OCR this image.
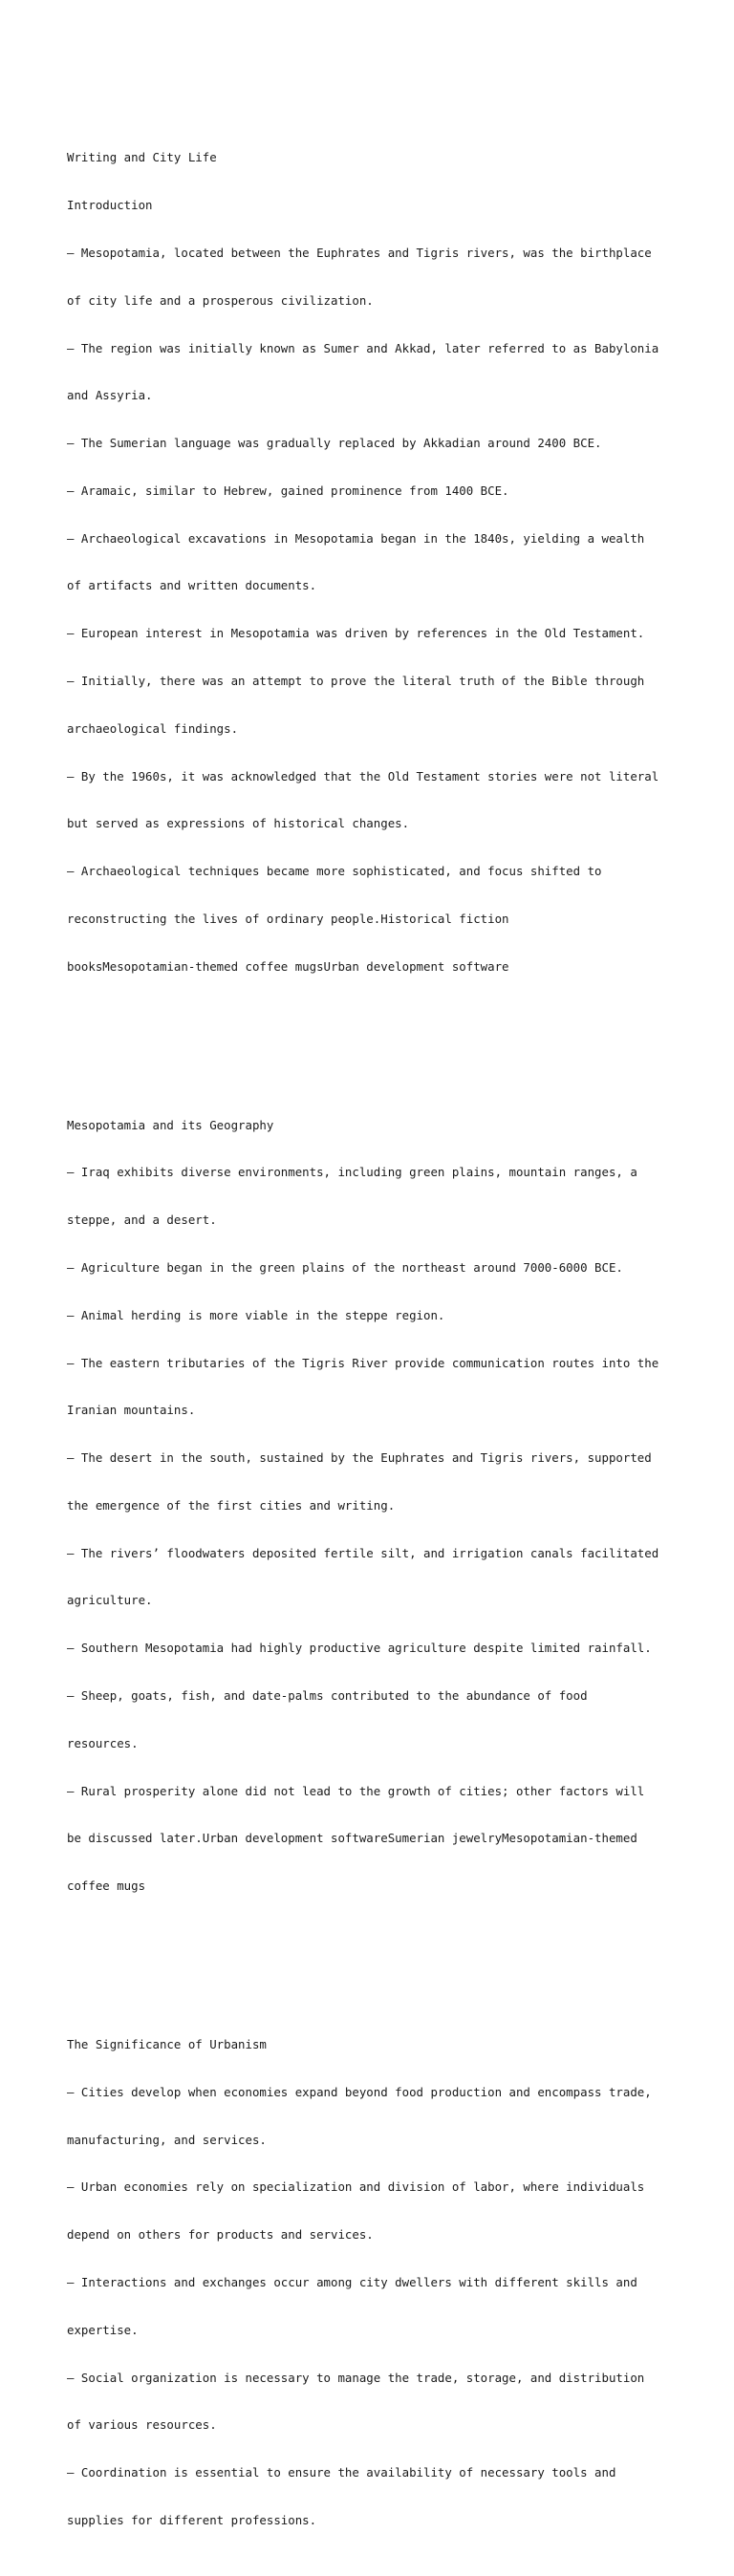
Writing and City Life

Introduction

– Mesopotamia, located between the Euphrates and Tigris rivers, was the birthplace

of city life and a prosperous civilization.

– The region was initially known as Sumer and Akkad, later referred to as Babylonia

and Assyria.

– The Sumerian language was gradually replaced by Akkadian around 2400 BCE.

– Aramaic, similar to Hebrew, gained prominence from 1400 BCE.

– Archaeological excavations in Mesopotamia began in the 1840s, yielding a wealth

of artifacts and written documents.

– European interest in Mesopotamia was driven by references in the Old Testament.

– Initially, there was an attempt to prove the literal truth of the Bible through

archaeological findings.

– By the 1960s, it was acknowledged that the Old Testament stories were not literal

but served as expressions of historical changes.

– Archaeological techniques became more sophisticated, and focus shifted to

reconstructing the lives of ordinary people.Historical fiction

booksMesopotamian-themed coffee mugsUrban development software

Mesopotamia and its Geography

– Iraq exhibits diverse environments, including green plains, mountain ranges, a

steppe, and a desert.

– Agriculture began in the green plains of the northeast around 7000-6000 BCE.

– Animal herding is more viable in the steppe region.

– The eastern tributaries of the Tigris River provide communication routes into the

Iranian mountains.

– The desert in the south, sustained by the Euphrates and Tigris rivers, supported

the emergence of the first cities and writing.

– The rivers’ floodwaters deposited fertile silt, and irrigation canals facilitated

agriculture.

– Southern Mesopotamia had highly productive agriculture despite limited rainfall.

– Sheep, goats, fish, and date-palms contributed to the abundance of food

resources.

– Rural prosperity alone did not lead to the growth of cities; other factors will

be discussed later.Urban development softwareSumerian jewelryMesopotamian-themed

coffee mugs

The Significance of Urbanism

– Cities develop when economies expand beyond food production and encompass trade,

manufacturing, and services.

– Urban economies rely on specialization and division of labor, where individuals

depend on others for products and services.

– Interactions and exchanges occur among city dwellers with different skills and

expertise.

– Social organization is necessary to manage the trade, storage, and distribution

of various resources.

– Coordination is essential to ensure the availability of necessary tools and

supplies for different professions.
